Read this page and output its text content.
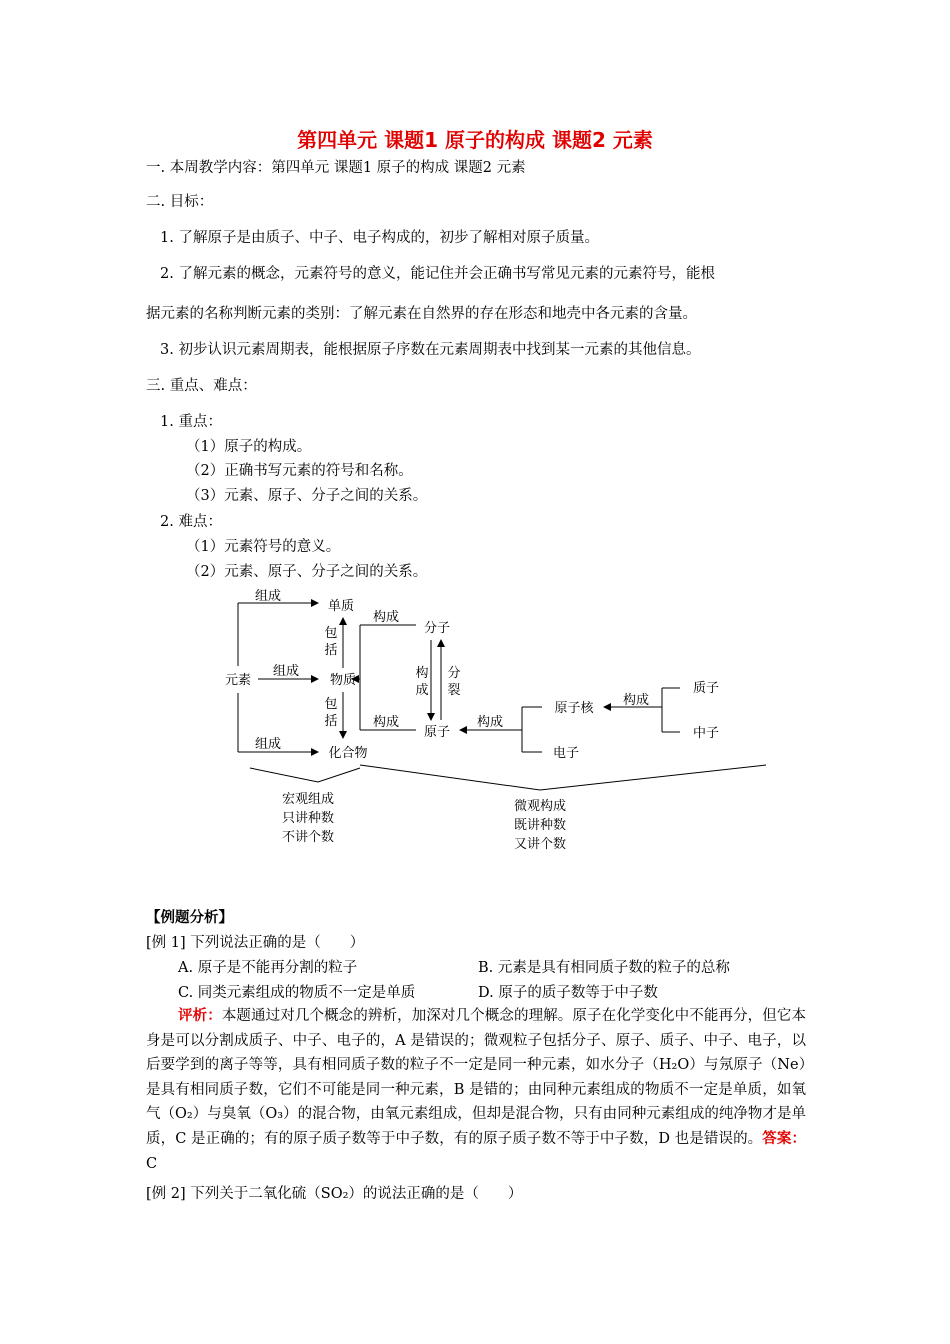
第四单元 课题1 原子的构成 课题2 元素
一. 本周教学内容：第四单元 课题1 原子的构成 课题2 元素
二. 目标：
1. 了解原子是由质子、中子、电子构成的，初步了解相对原子质量。
2. 了解元素的概念，元素符号的意义，能记住并会正确书写常见元素的元素符号，能根
据元素的名称判断元素的类别：了解元素在自然界的存在形态和地壳中各元素的含量。
3. 初步认识元素周期表，能根据原子序数在元素周期表中找到某一元素的其他信息。
三. 重点、难点：
1. 重点：
（1）原子的构成。
（2）正确书写元素的符号和名称。
（3）元素、原子、分子之间的关系。
2. 难点：
（1）元素符号的意义。
（2）元素、原子、分子之间的关系。
元素
单质
物质
化合物
分子
原子
原子核
电子
质子
中子
组成
组成
组成
构成
构成	构成
构成
包
括
包
括
构
成
分
裂
宏观组成
只讲种数
不讲个数
微观构成
既讲种数
又讲个数
【例题分析】
[例 1] 下列说法正确的是（　　）
A. 原子是不能再分割的粒子	B. 元素是具有相同质子数的粒子的总称
C. 同类元素组成的物质不一定是单质	D. 原子的质子数等于中子数
评析：本题通过对几个概念的辨析，加深对几个概念的理解。原子在化学变化中不能再分，但它本身是可以分割成质子、中子、电子的，A 是错误的；微观粒子包括分子、原子、质子、中子、电子，以后要学到的离子等等，具有相同质子数的粒子不一定是同一种元素，如水分子（H₂O）与氖原子（Ne）是具有相同质子数，它们不可能是同一种元素，B 是错的；由同种元素组成的物质不一定是单质，如氧气（O₂）与臭氧（O₃）的混合物，由氧元素组成，但却是混合物，只有由同种元素组成的纯净物才是单质，C 是正确的；有的原子质子数等于中子数，有的原子质子数不等于中子数，D 也是错误的。答案：C
[例 2] 下列关于二氧化硫（SO₂）的说法正确的是（　　）
